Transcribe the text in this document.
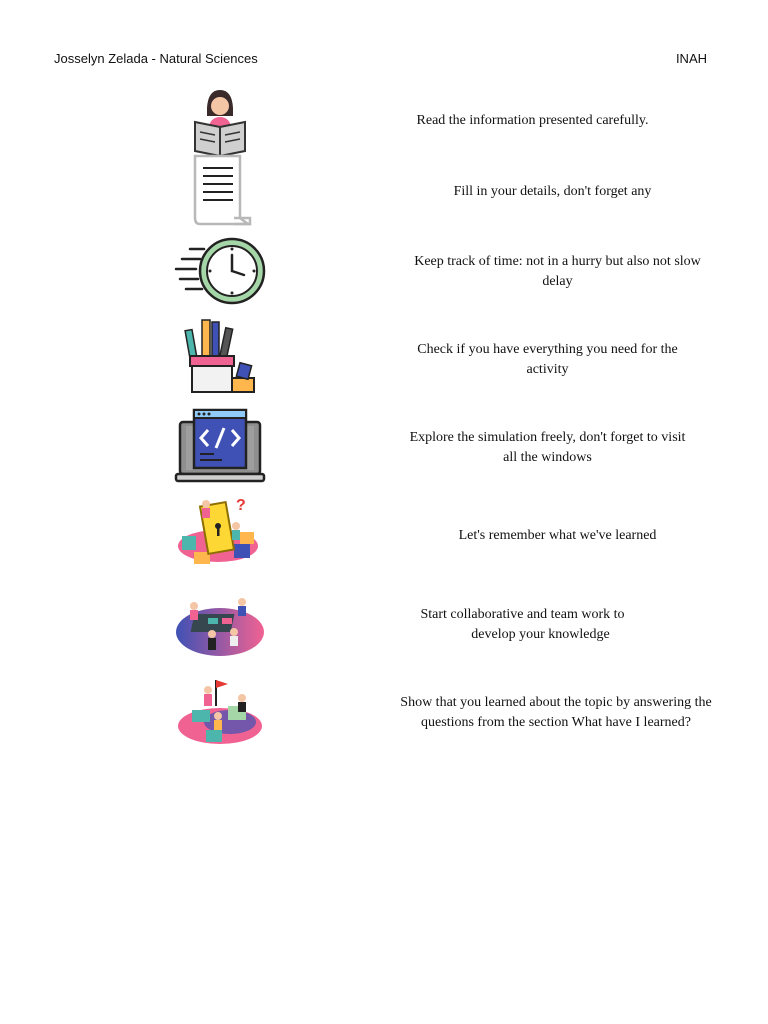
Josselyn Zelada - Natural Sciences	INAH
Read the information presented carefully.
Fill in your details, don't forget any
Keep track of time: not in a hurry but also not slow
delay
Check if you have everything you need for the
activity
Explore the simulation freely, don't forget to visit
all the windows
?
Let's remember what we've learned
Start collaborative and team work to
develop your knowledge
Show that you learned about the topic by answering the
questions from the section What have I learned?
